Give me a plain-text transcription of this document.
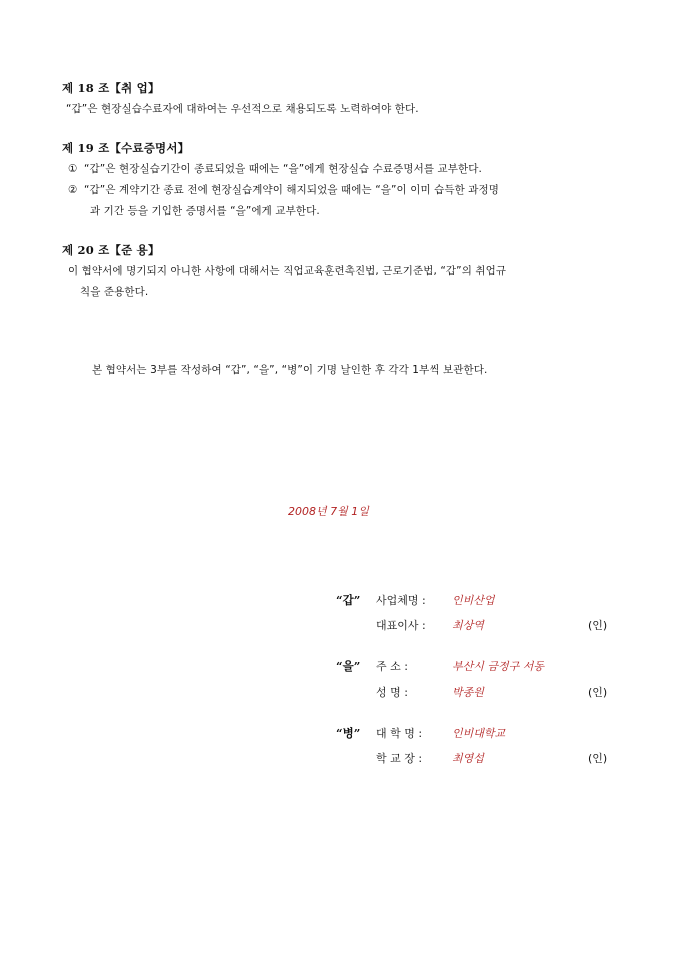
제 18 조【취 업】
“갑”은 현장실습수료자에 대하여는 우선적으로 채용되도록 노력하여야 한다.
제 19 조【수료증명서】
① “갑”은 현장실습기간이 종료되었을 때에는 “을”에게 현장실습 수료증명서를 교부한다.
② “갑”은 계약기간 종료 전에 현장실습계약이 해지되었을 때에는 “을”이 이미 습득한 과정명
과 기간 등을 기입한 증명서를 “을”에게 교부한다.
제 20 조【준 용】
이 협약서에 명기되지 아니한 사항에 대해서는 직업교육훈련촉진법, 근로기준법, “갑”의 취업규
칙을 준용한다.
본 협약서는 3부를 작성하여 “갑”, “을”, “병”이 기명 날인한 후 각각 1부씩 보관한다.
2008년 7월 1일
“갑” 사업체명 :	인비산업
대표이사 :	최상역	(인)
“을” 주 소 :	부산시 금정구 서동
성 명 :	박종원	(인)
“병” 대 학 명 :	인비대학교
학 교 장 :	최영섭	(인)
